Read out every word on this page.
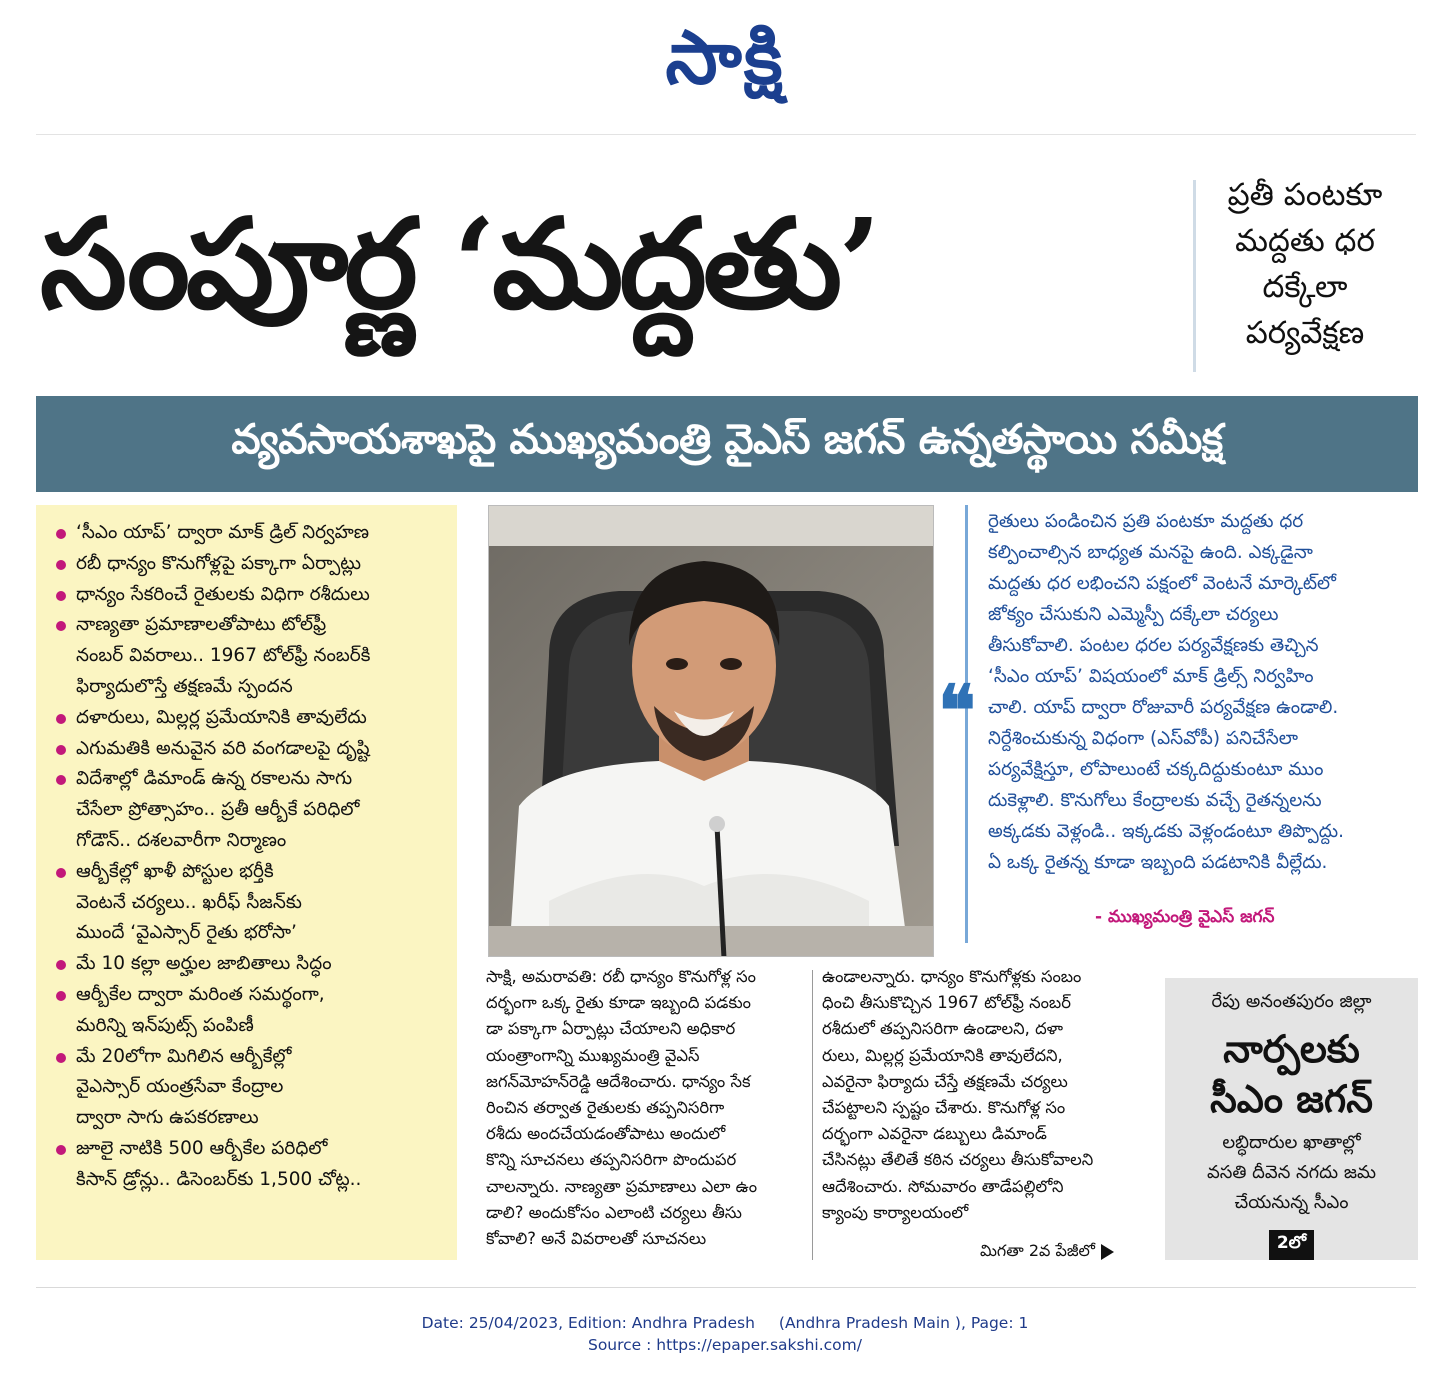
సాక్షి
సంపూర్ణ ‘మద్దతు’	ప్రతీ పంటకూ
మద్దతు ధర
దక్కేలా
పర్యవేక్షణ
వ్యవసాయశాఖపై ముఖ్యమంత్రి వైఎస్ జగన్ ఉన్నతస్థాయి సమీక్ష
‘సీఎం యాప్’ ద్వారా మాక్ డ్రిల్ నిర్వహణ
రబీ ధాన్యం కొనుగోళ్లపై పక్కాగా ఏర్పాట్లు
ధాన్యం సేకరించే రైతులకు విధిగా రశీదులు
నాణ్యతా ప్రమాణాలతోపాటు టోల్‌ఫ్రీ
నంబర్ వివరాలు.. 1967 టోల్‌ఫ్రీ నంబర్‌కి
ఫిర్యాదులొస్తే తక్షణమే స్పందన
దళారులు, మిల్లర్ల ప్రమేయానికి తావులేదు
ఎగుమతికి అనువైన వరి వంగడాలపై దృష్టి
విదేశాల్లో డిమాండ్ ఉన్న రకాలను సాగు
చేసేలా ప్రోత్సాహం.. ప్రతీ ఆర్బీకే పరిధిలో
గోడౌన్.. దశలవారీగా నిర్మాణం
ఆర్బీకేల్లో ఖాళీ పోస్టుల భర్తీకి
వెంటనే చర్యలు.. ఖరీఫ్ సీజన్‌కు
ముందే ‘వైఎస్సార్ రైతు భరోసా’
మే 10 కల్లా అర్హుల జాబితాలు సిద్ధం
ఆర్బీకేల ద్వారా మరింత సమర్థంగా,
మరిన్ని ఇన్‌పుట్స్ పంపిణీ
మే 20లోగా మిగిలిన ఆర్బీకేల్లో
వైఎస్సార్ యంత్రసేవా కేంద్రాల
ద్వారా సాగు ఉపకరణాలు
జూలై నాటికి 500 ఆర్బీకేల పరిధిలో
కిసాన్ డ్రోన్లు.. డిసెంబర్‌కు 1,500 చోట్ల..
❝
రైతులు పండించిన ప్రతి పంటకూ మద్దతు ధర
కల్పించాల్సిన బాధ్యత మనపై ఉంది. ఎక్కడైనా
మద్దతు ధర లభించని పక్షంలో వెంటనే మార్కెట్‌లో
జోక్యం చేసుకుని ఎమ్మెస్పీ దక్కేలా చర్యలు
తీసుకోవాలి. పంటల ధరల పర్యవేక్షణకు తెచ్చిన
‘సీఎం యాప్’ విషయంలో మాక్ డ్రిల్స్ నిర్వహిం
చాలి. యాప్ ద్వారా రోజువారీ పర్యవేక్షణ ఉండాలి.
నిర్దేశించుకున్న విధంగా (ఎస్‌వోపీ) పనిచేసేలా
పర్యవేక్షిస్తూ, లోపాలుంటే చక్కదిద్దుకుంటూ ముం
దుకెళ్లాలి. కొనుగోలు కేంద్రాలకు వచ్చే రైతన్నలను
అక్కడకు వెళ్లండి.. ఇక్కడకు వెళ్లండంటూ తిప్పొద్దు.
ఏ ఒక్క రైతన్న కూడా ఇబ్బంది పడటానికి వీల్లేదు.
- ముఖ్యమంత్రి వైఎస్ జగన్
సాక్షి, అమరావతి: రబీ ధాన్యం కొనుగోళ్ల సం
దర్భంగా ఒక్క రైతు కూడా ఇబ్బంది పడకుం
డా పక్కాగా ఏర్పాట్లు చేయాలని అధికార
యంత్రాంగాన్ని ముఖ్యమంత్రి వైఎస్
జగన్‌మోహన్‌రెడ్డి ఆదేశించారు. ధాన్యం సేక
రించిన తర్వాత రైతులకు తప్పనిసరిగా
రశీదు అందచేయడంతోపాటు అందులో
కొన్ని సూచనలు తప్పనిసరిగా పొందుపర
చాలన్నారు. నాణ్యతా ప్రమాణాలు ఎలా ఉం
డాలి? అందుకోసం ఎలాంటి చర్యలు తీసు
కోవాలి? అనే వివరాలతో సూచనలు
ఉండాలన్నారు. ధాన్యం కొనుగోళ్లకు సంబం
ధించి తీసుకొచ్చిన 1967 టోల్‌ఫ్రీ నంబర్
రశీదులో తప్పనిసరిగా ఉండాలని, దళా
రులు, మిల్లర్ల ప్రమేయానికి తావులేదని,
ఎవరైనా ఫిర్యాదు చేస్తే తక్షణమే చర్యలు
చేపట్టాలని స్పష్టం చేశారు. కొనుగోళ్ల సం
దర్భంగా ఎవరైనా డబ్బులు డిమాండ్
చేసినట్లు తేలితే కఠిన చర్యలు తీసుకోవాలని
ఆదేశించారు. సోమవారం తాడేపల్లిలోని
క్యాంపు కార్యాలయంలో
మిగతా 2వ పేజీలో
రేపు అనంతపురం జిల్లా
నార్పలకు
సీఎం జగన్
లబ్ధిదారుల ఖాతాల్లో
వసతి దీవెన నగదు జమ
చేయనున్న సీఎం
2లో
Date: 25/04/2023, Edition: Andhra Pradesh (Andhra Pradesh Main ), Page: 1
Source : https://epaper.sakshi.com/
